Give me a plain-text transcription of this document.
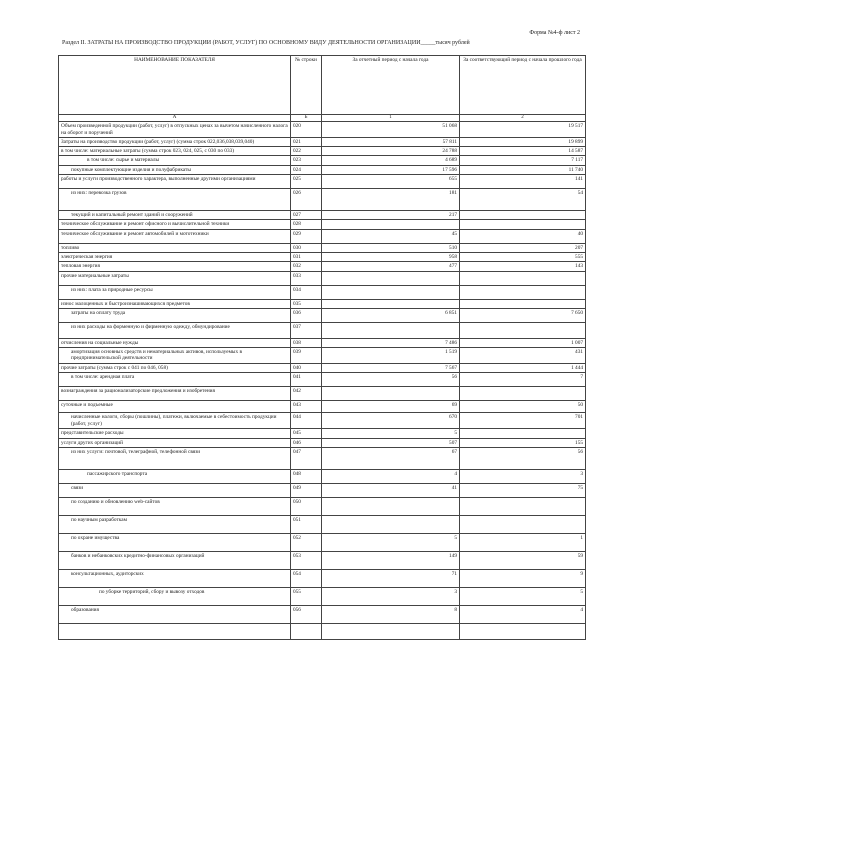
Форма №4-ф лист 2
Раздел II. ЗАТРАТЫ НА ПРОИЗВОДСТВО ПРОДУКЦИИ (РАБОТ, УСЛУГ) ПО ОСНОВНОМУ ВИДУ ДЕЯТЕЛЬНОСТИ ОРГАНИЗАЦИИ_____тысяч рублей
НАИМЕНОВАНИЕ ПОКАЗАТЕЛЯ	№ строки	За отчетный период с начала года	За соответствующий период с начала прошлого года
А	Б	1	2
Объем произведенной продукции (работ, услуг) в отпускных ценах за вычетом начисленного налога на оборот и поручений	020	51 068	19 517
Затраты на производство продукции (работ, услуг) (сумма строк 022,036,038,039,040)	021	57 811	19 899
в том числе: материальные затраты (сумма строк 023, 024, 025, с 030 по 033)	022	24 788	14 587
в том числе: сырье и материалы	023	4 689	7 117
покупные комплектующие изделия и полуфабрикаты	024	17 596	11 740
работы и услуги производственного характера, выполненные другими организациями	025	655	141
из них: перевозка грузов	026	181	54
текущий и капитальный ремонт зданий и сооружений	027	217	
техническое обслуживание и ремонт офисного и вычислительной техники	028		
техническое обслуживание и ремонт автомобилей и мототехники	029	45	40
топливо	030	510	207
электрическая энергия	031	958	555
тепловая энергия	032	477	143
прочие материальные затраты	033		
из них: плата за природные ресурсы	034		
износ малоценных и быстроизнашивающихся предметов	035		
затраты на оплату труда	036	6 851	7 650
из них расходы на форменную и фирменную одежду, обмундирование	037		
отчисления на социальные нужды	038	7 486	1 007
амортизация основных средств и нематериальных активов, используемых в предпринимательской деятельности	039	1 519	431
прочие затраты (сумма строк с 041 по 046, 058)	040	7 567	1 444
в том числе: арендная плата	041	56	7
вознаграждения за рационализаторские предложения и изобретения	042		
суточные и подъемные	043	69	50
начисленные налоги, сборы (пошлины), платежи, включаемые в себестоимость продукции (работ, услуг)	044	670	701
представительские расходы	045	5	
услуги других организаций	046	507	155
из них услуги: почтовой, телеграфной, телефонной связи	047	67	56
пассажирского транспорта	048	4	3
связи	049	41	75
по созданию и обновлению web-сайтов	050		
по научным разработкам	051		
по охране имущества	052	5	1
банков и небанковских кредитно-финансовых организаций	053	149	59
консультационных, аудиторских	054	71	9
по уборке территорий, сбору и вывозу отходов	055	3	5
образования	056	8	4
